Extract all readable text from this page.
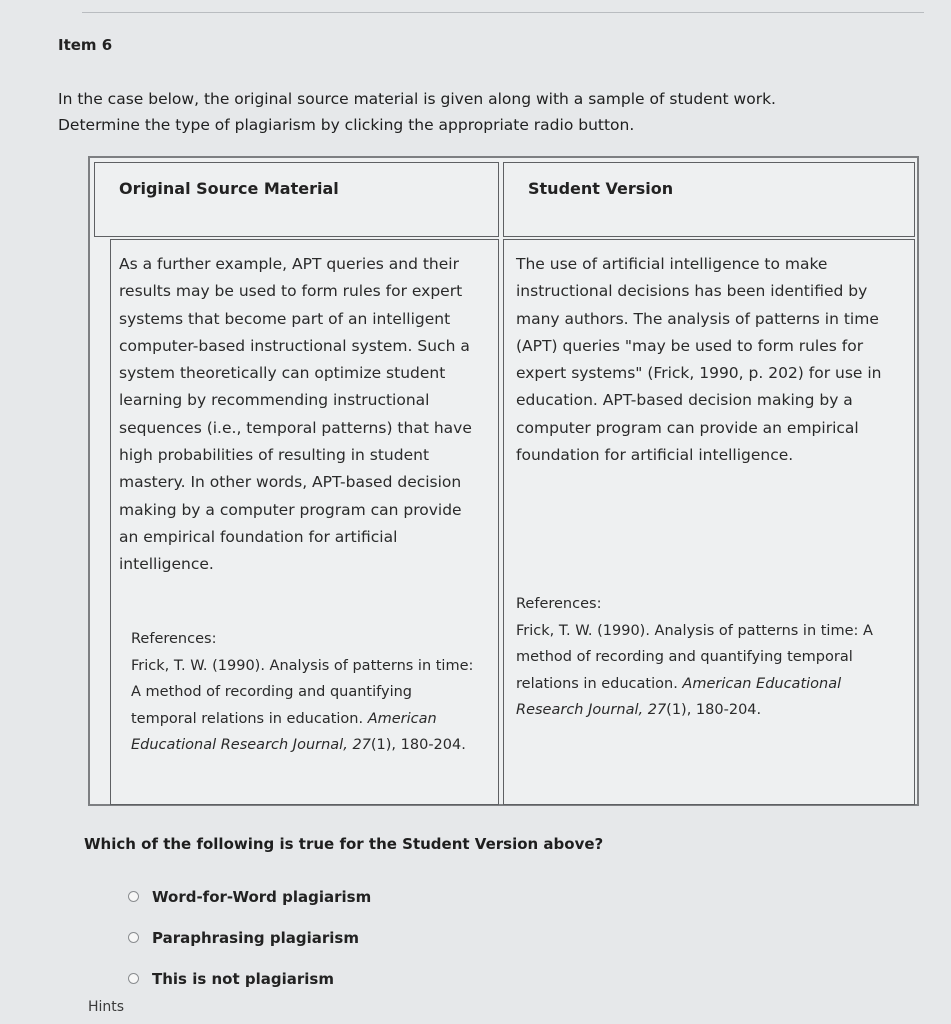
Item 6

In the case below, the original source material is given along with a sample of student work.

Determine the type of plagiarism by clicking the appropriate radio button.

Original Source Material	Student Version
As a further example, APT queries and their results may be used to form rules for expert systems that become part of an intelligent computer-based instructional system. Such a system theoretically can optimize student learning by recommending instructional sequences (i.e., temporal patterns) that have high probabilities of resulting in student mastery. In other words, APT-based decision making by a computer program can provide an empirical foundation for artificial intelligence.

References:

Frick, T. W. (1990). Analysis of patterns in time: A method of recording and quantifying temporal relations in education. American Educational Research Journal, 27(1), 180-204.

The use of artificial intelligence to make instructional decisions has been identified by many authors. The analysis of patterns in time (APT) queries "may be used to form rules for expert systems" (Frick, 1990, p. 202) for use in education. APT-based decision making by a computer program can provide an empirical foundation for artificial intelligence.

References:

Frick, T. W. (1990). Analysis of patterns in time: A method of recording and quantifying temporal relations in education. American Educational Research Journal, 27(1), 180-204.

Which of the following is true for the Student Version above?
Word-for-Word plagiarism
Paraphrasing plagiarism
This is not plagiarism
Hints
